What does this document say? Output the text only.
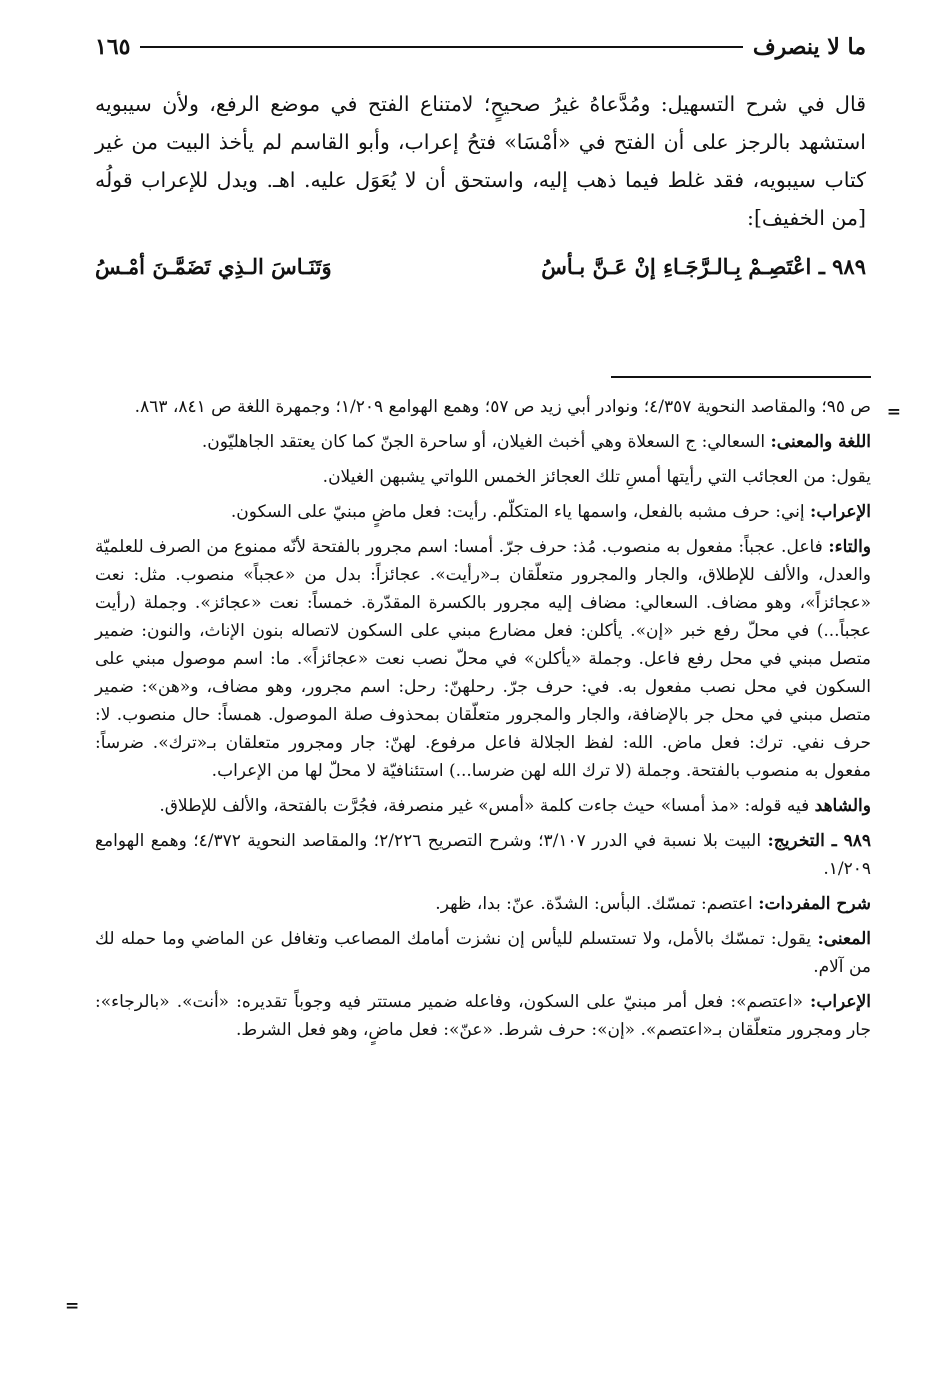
ما لا ينصرف
١٦٥

قال في شرح التسهيل: ومُدَّعاهُ غيرُ صحيحٍ؛ لامتناع الفتح في موضع الرفع، ولأن سيبويه استشهد بالرجز على أن الفتح في «أمْسَا» فتحُ إعراب، وأبو القاسم لم يأخذ البيت من غير كتاب سيبويه، فقد غلط فيما ذهب إليه، واستحق أن لا يُعَوَل عليه. اهـ. ويدل للإعراب قولُه [من الخفيف]:

٩٨٩ ـ اعْتَصِـمْ بِـالـرَّجَـاءِ إنْ عَـنَّ بـأسُ
وَتَنَـاسَ الـذِي تَضَمَّـنَ أمْـسُ
=

ص ٩٥؛ والمقاصد النحوية ٤/٣٥٧؛ ونوادر أبي زيد ص ٥٧؛ وهمع الهوامع ١/٢٠٩؛ وجمهرة اللغة ص ٨٤١، ٨٦٣.

اللغة والمعنى: السعالي: ج السعلاة وهي أخبث الغيلان، أو ساحرة الجنّ كما كان يعتقد الجاهليّون.

يقول: من العجائب التي رأيتها أمسِ تلك العجائز الخمس اللواتي يشبهن الغيلان.

الإعراب: إني: حرف مشبه بالفعل، واسمها ياء المتكلّم. رأيت: فعل ماضٍ مبنيّ على السكون.

والتاء: فاعل. عجباً: مفعول به منصوب. مُذ: حرف جرّ. أمسا: اسم مجرور بالفتحة لأنّه ممنوع من الصرف للعلميّة والعدل، والألف للإطلاق، والجار والمجرور متعلّقان بـ«رأيت». عجائزاً: بدل من «عجباً» منصوب. مثل: نعت «عجائزاً»، وهو مضاف. السعالي: مضاف إليه مجرور بالكسرة المقدّرة. خمساً: نعت «عجائز». وجملة (رأيت عجباً...) في محلّ رفع خبر «إن». يأكلن: فعل مضارع مبني على السكون لاتصاله بنون الإناث، والنون: ضمير متصل مبني في محل رفع فاعل. وجملة «يأكلن» في محلّ نصب نعت «عجائزاً». ما: اسم موصول مبني على السكون في محل نصب مفعول به. في: حرف جرّ. رحلهنّ: رحل: اسم مجرور، وهو مضاف، و«هن»: ضمير متصل مبني في محل جر بالإضافة، والجار والمجرور متعلّقان بمحذوف صلة الموصول. همساً: حال منصوب. لا: حرف نفي. ترك: فعل ماض. الله: لفظ الجلالة فاعل مرفوع. لهنّ: جار ومجرور متعلقان بـ«ترك». ضرساً: مفعول به منصوب بالفتحة. وجملة (لا ترك الله لهن ضرسا...) استئنافيّة لا محلّ لها من الإعراب.

والشاهد فيه قوله: «مذ أمسا» حيث جاءت كلمة «أمس» غير منصرفة، فجُرَّت بالفتحة، والألف للإطلاق.

٩٨٩ ـ التخريج: البيت بلا نسبة في الدرر ٣/١٠٧؛ وشرح التصريح ٢/٢٢٦؛ والمقاصد النحوية ٤/٣٧٢؛ وهمع الهوامع ١/٢٠٩.

شرح المفردات: اعتصم: تمسّك. البأس: الشدّة. عنّ: بدا، ظهر.

المعنى: يقول: تمسّك بالأمل، ولا تستسلم لليأس إن نشزت أمامك المصاعب وتغافل عن الماضي وما حمله لك من آلام.

الإعراب: «اعتصم»: فعل أمر مبنيّ على السكون، وفاعله ضمير مستتر فيه وجوباً تقديره: «أنت». «بالرجاء»: جار ومجرور متعلّقان بـ«اعتصم». «إن»: حرف شرط. «عنّ»: فعل ماضٍ، وهو فعل الشرط.

=
